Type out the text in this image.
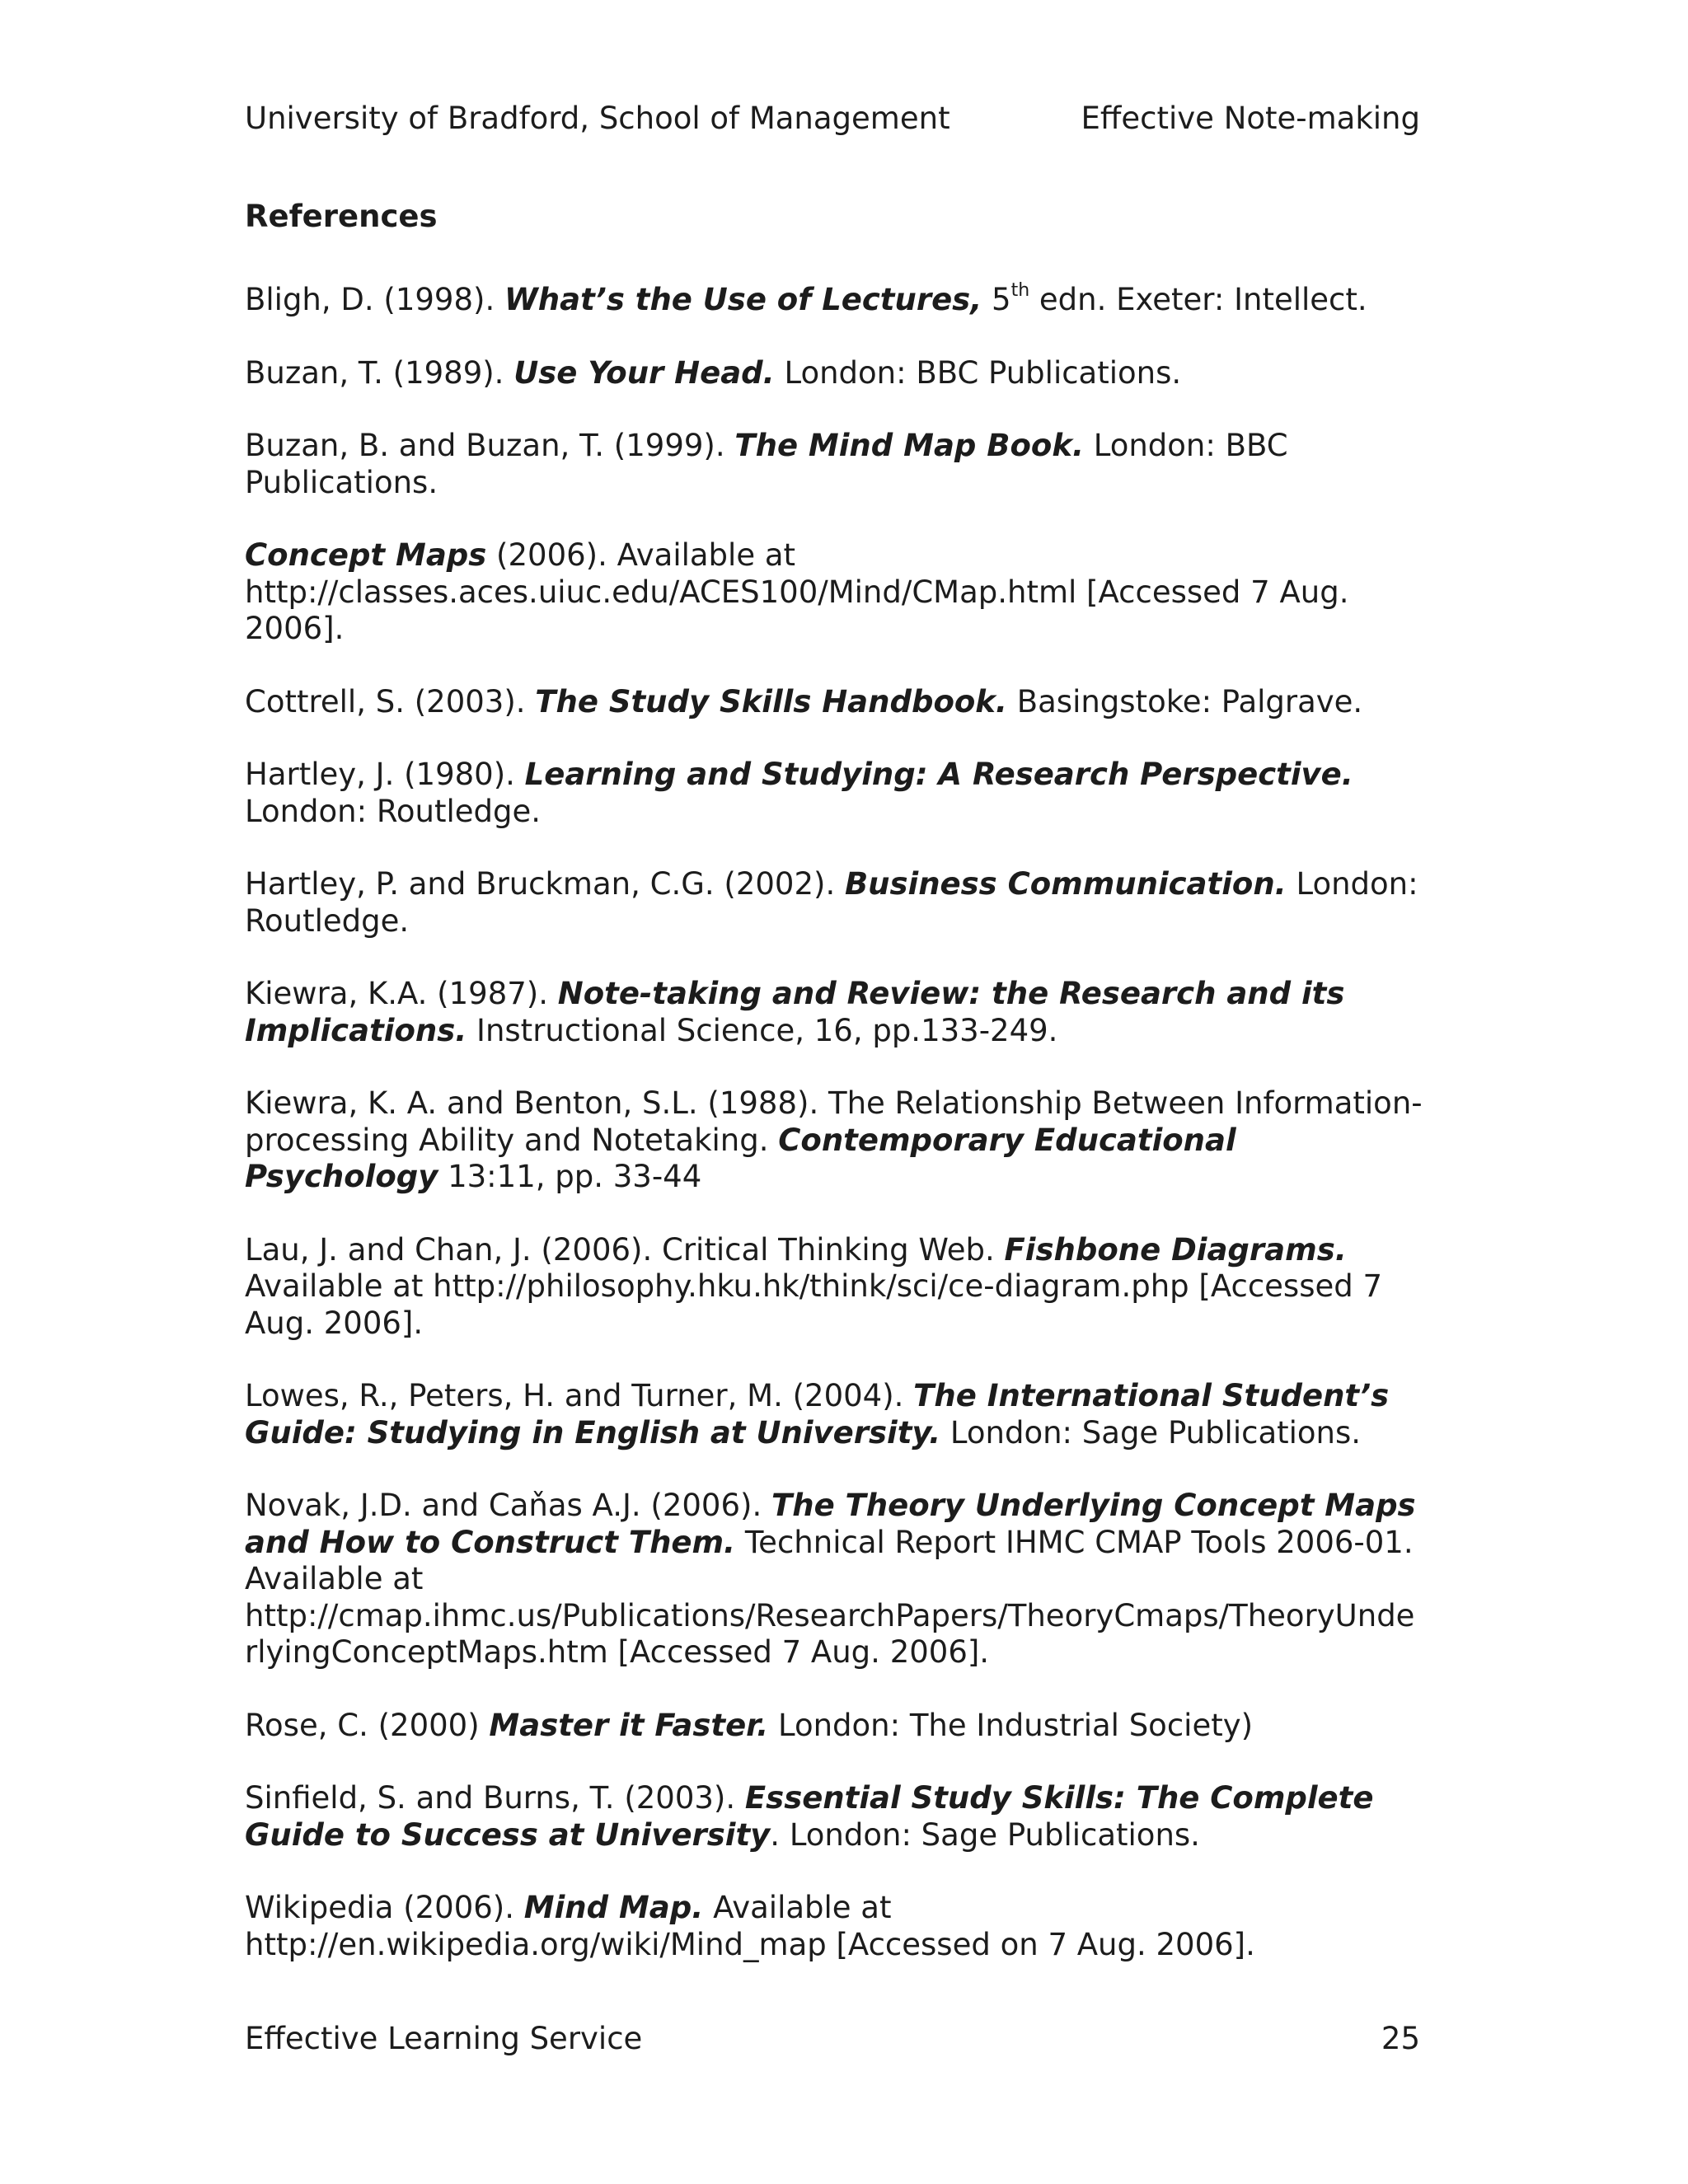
University of Bradford, School of Management	Effective Note-making
References

Bligh, D. (1998). What’s the Use of Lectures, 5th edn. Exeter: Intellect.

Buzan, T. (1989). Use Your Head. London: BBC Publications.

Buzan, B. and Buzan, T. (1999). The Mind Map Book. London: BBC Publications.

Concept Maps (2006). Available at
http://classes.aces.uiuc.edu/ACES100/Mind/CMap.html [Accessed 7 Aug. 2006].

Cottrell, S. (2003). The Study Skills Handbook. Basingstoke: Palgrave.

Hartley, J. (1980). Learning and Studying: A Research Perspective. London: Routledge.

Hartley, P. and Bruckman, C.G. (2002). Business Communication. London: Routledge.

Kiewra, K.A. (1987). Note-taking and Review: the Research and its Implications. Instructional Science, 16, pp.133-249.

Kiewra, K. A. and Benton, S.L. (1988). The Relationship Between Information-processing Ability and Notetaking. Contemporary Educational Psychology 13:11, pp. 33-44

Lau, J. and Chan, J. (2006). Critical Thinking Web. Fishbone Diagrams. Available at http://philosophy.hku.hk/think/sci/ce-diagram.php [Accessed 7 Aug. 2006].

Lowes, R., Peters, H. and Turner, M. (2004). The International Student’s Guide: Studying in English at University. London: Sage Publications.

Novak, J.D. and Caňas A.J. (2006). The Theory Underlying Concept Maps and How to Construct Them. Technical Report IHMC CMAP Tools 2006-01. Available at
http://cmap.ihmc.us/Publications/ResearchPapers/TheoryCmaps/TheoryUnde
rlyingConceptMaps.htm [Accessed 7 Aug. 2006].

Rose, C. (2000) Master it Faster. London: The Industrial Society)

Sinfield, S. and Burns, T. (2003). Essential Study Skills: The Complete Guide to Success at University. London: Sage Publications.

Wikipedia (2006). Mind Map. Available at
http://en.wikipedia.org/wiki/Mind_map [Accessed on 7 Aug. 2006].

Effective Learning Service	25
